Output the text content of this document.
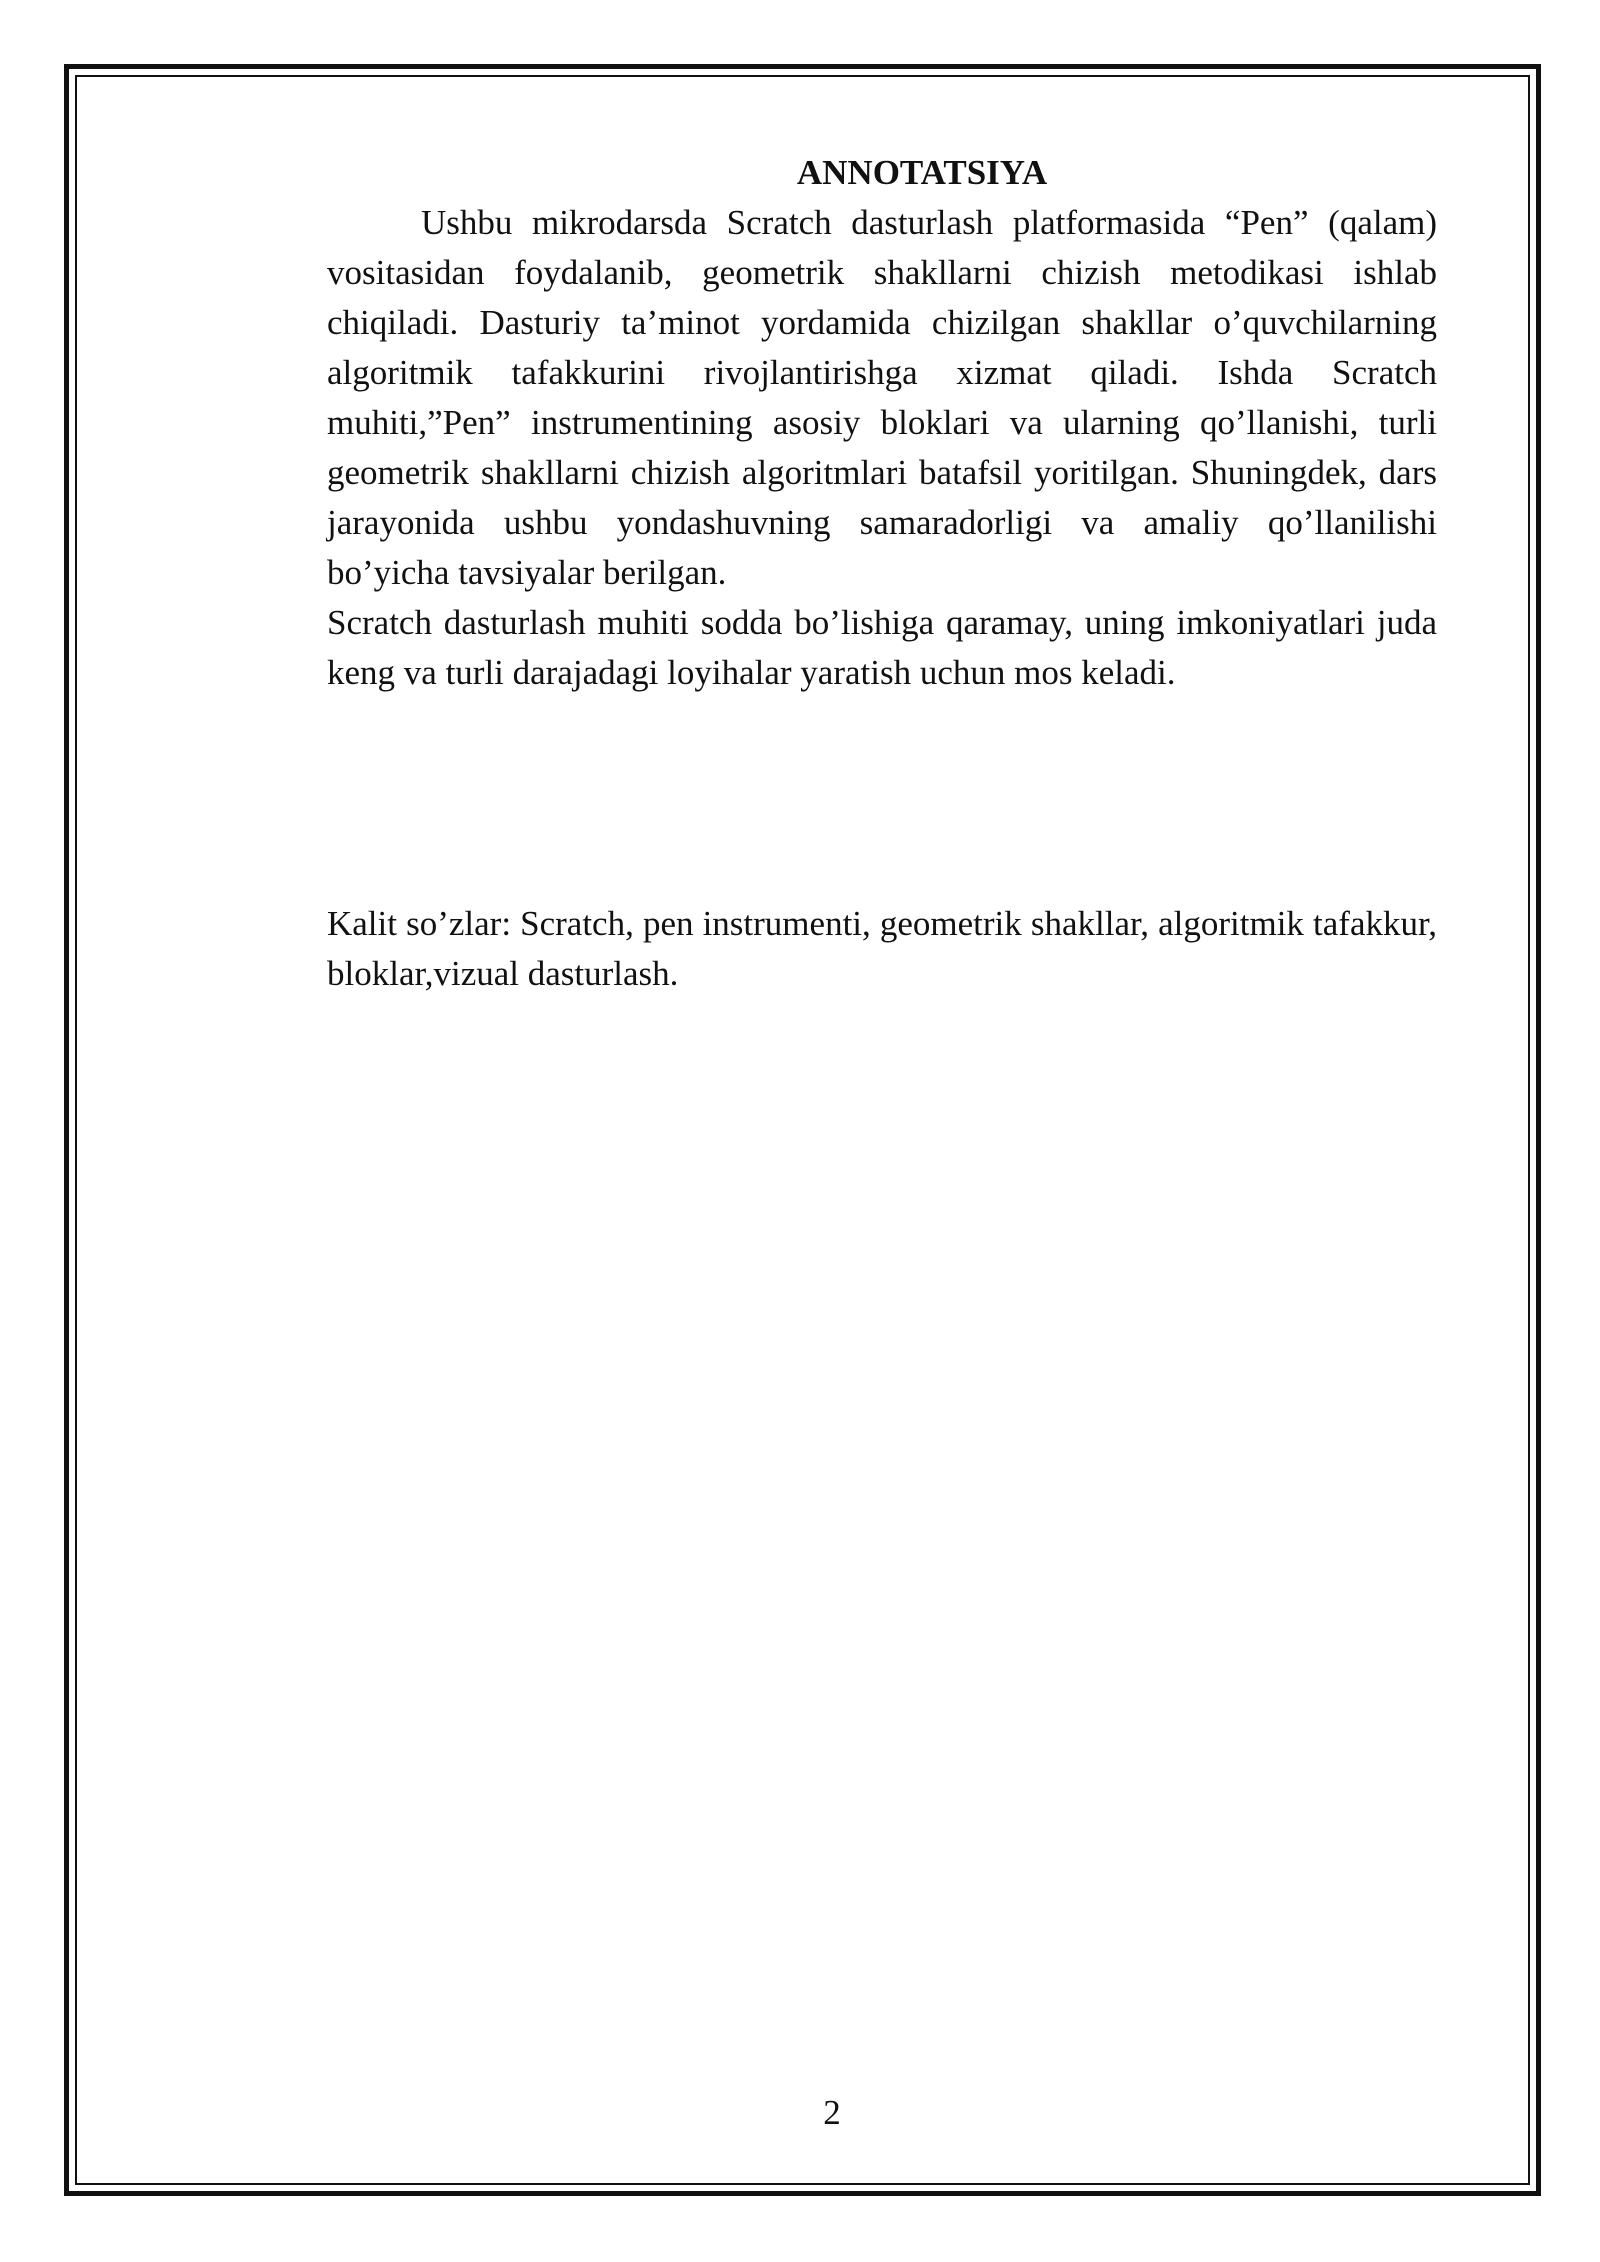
ANNOTATSIYA

Ushbu mikrodarsda Scratch dasturlash platformasida “Pen” (qalam) vositasidan foydalanib, geometrik shakllarni chizish metodikasi ishlab chiqiladi. Dasturiy ta’minot yordamida chizilgan shakllar o’quvchilarning algoritmik tafakkurini rivojlantirishga xizmat qiladi. Ishda Scratch muhiti,”Pen” instrumentining asosiy bloklari va ularning qo’llanishi, turli geometrik shakllarni chizish algoritmlari batafsil yoritilgan. Shuningdek, dars jarayonida ushbu yondashuvning samaradorligi va amaliy qo’llanilishi bo’yicha tavsiyalar berilgan.

Scratch dasturlash muhiti sodda bo’lishiga qaramay, uning imkoniyatlari juda keng va turli darajadagi loyihalar yaratish uchun mos keladi.

Kalit so’zlar: Scratch, pen instrumenti, geometrik shakllar, algoritmik tafakkur, bloklar,vizual dasturlash.

2
